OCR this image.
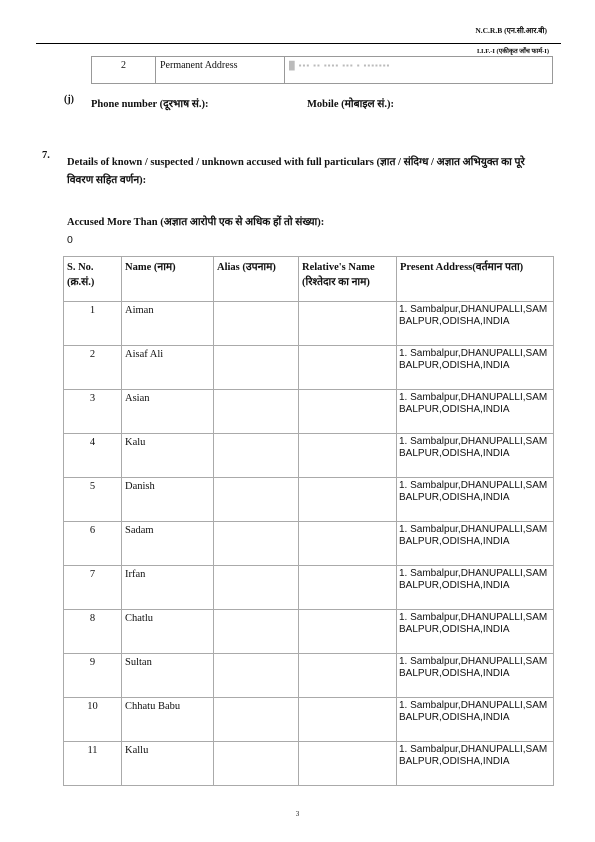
N.C.R.B (एन.सी.आर.बी)
I.I.F.-I (एकीकृत जाँच फार्म-I)
2	Permanent Address	█ ▪▪▪ ▪▪ ▪▪▪▪ ▪▪▪ ▪ ▪▪▪▪▪▪▪
(j) Phone number (दूरभाष सं.):	Mobile (मोबाइल सं.):
7.
Details of known / suspected / unknown accused with full particulars (ज्ञात / संदिग्ध / अज्ञात अभियुक्त का पूरे विवरण सहित वर्णन):
Accused More Than (अज्ञात आरोपी एक से अधिक हों तो संख्या):
0
S. No. (क्र.सं.)	Name (नाम)	Alias (उपनाम)	Relative's Name (रिश्तेदार का नाम)	Present Address(वर्तमान पता)
1	Aiman			1. Sambalpur,DHANUPALLI,SAMBALPUR,ODISHA,INDIA
2	Aisaf Ali			1. Sambalpur,DHANUPALLI,SAMBALPUR,ODISHA,INDIA
3	Asian			1. Sambalpur,DHANUPALLI,SAMBALPUR,ODISHA,INDIA
4	Kalu			1. Sambalpur,DHANUPALLI,SAMBALPUR,ODISHA,INDIA
5	Danish			1. Sambalpur,DHANUPALLI,SAMBALPUR,ODISHA,INDIA
6	Sadam			1. Sambalpur,DHANUPALLI,SAMBALPUR,ODISHA,INDIA
7	Irfan			1. Sambalpur,DHANUPALLI,SAMBALPUR,ODISHA,INDIA
8	Chatlu			1. Sambalpur,DHANUPALLI,SAMBALPUR,ODISHA,INDIA
9	Sultan			1. Sambalpur,DHANUPALLI,SAMBALPUR,ODISHA,INDIA
10	Chhatu Babu			1. Sambalpur,DHANUPALLI,SAMBALPUR,ODISHA,INDIA
11	Kallu			1. Sambalpur,DHANUPALLI,SAMBALPUR,ODISHA,INDIA
3
